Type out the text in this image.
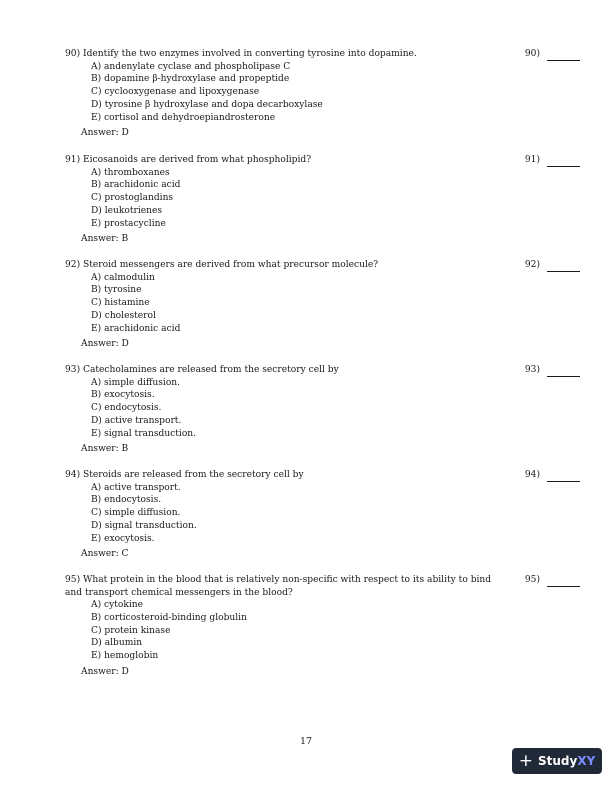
90) Identify the two enzymes involved in converting tyrosine into dopamine.	90)
A) andenylate cyclase and phospholipase C
B) dopamine β-hydroxylase and propeptide
C) cyclooxygenase and lipoxygenase
D) tyrosine β hydroxylase and dopa decarboxylase
E) cortisol and dehydroepiandrosterone

Answer: D

91) Eicosanoids are derived from what phospholipid?	91)
A) thromboxanes
B) arachidonic acid
C) prostoglandins
D) leukotrienes
E) prostacycline

Answer: B

92) Steroid messengers are derived from what precursor molecule?	92)
A) calmodulin
B) tyrosine
C) histamine
D) cholesterol
E) arachidonic acid

Answer: D

93) Catecholamines are released from the secretory cell by	93)
A) simple diffusion.
B) exocytosis.
C) endocytosis.
D) active transport.
E) signal transduction.

Answer: B

94) Steroids are released from the secretory cell by	94)
A) active transport.
B) endocytosis.
C) simple diffusion.
D) signal transduction.
E) exocytosis.

Answer: C

95) What protein in the blood that is relatively non-specific with respect to its ability to bind and transport chemical messengers in the blood?

95)
A) cytokine
B) corticosteroid-binding globulin
C) protein kinase
D) albumin
E) hemoglobin

Answer: D

17
+ Study XY
